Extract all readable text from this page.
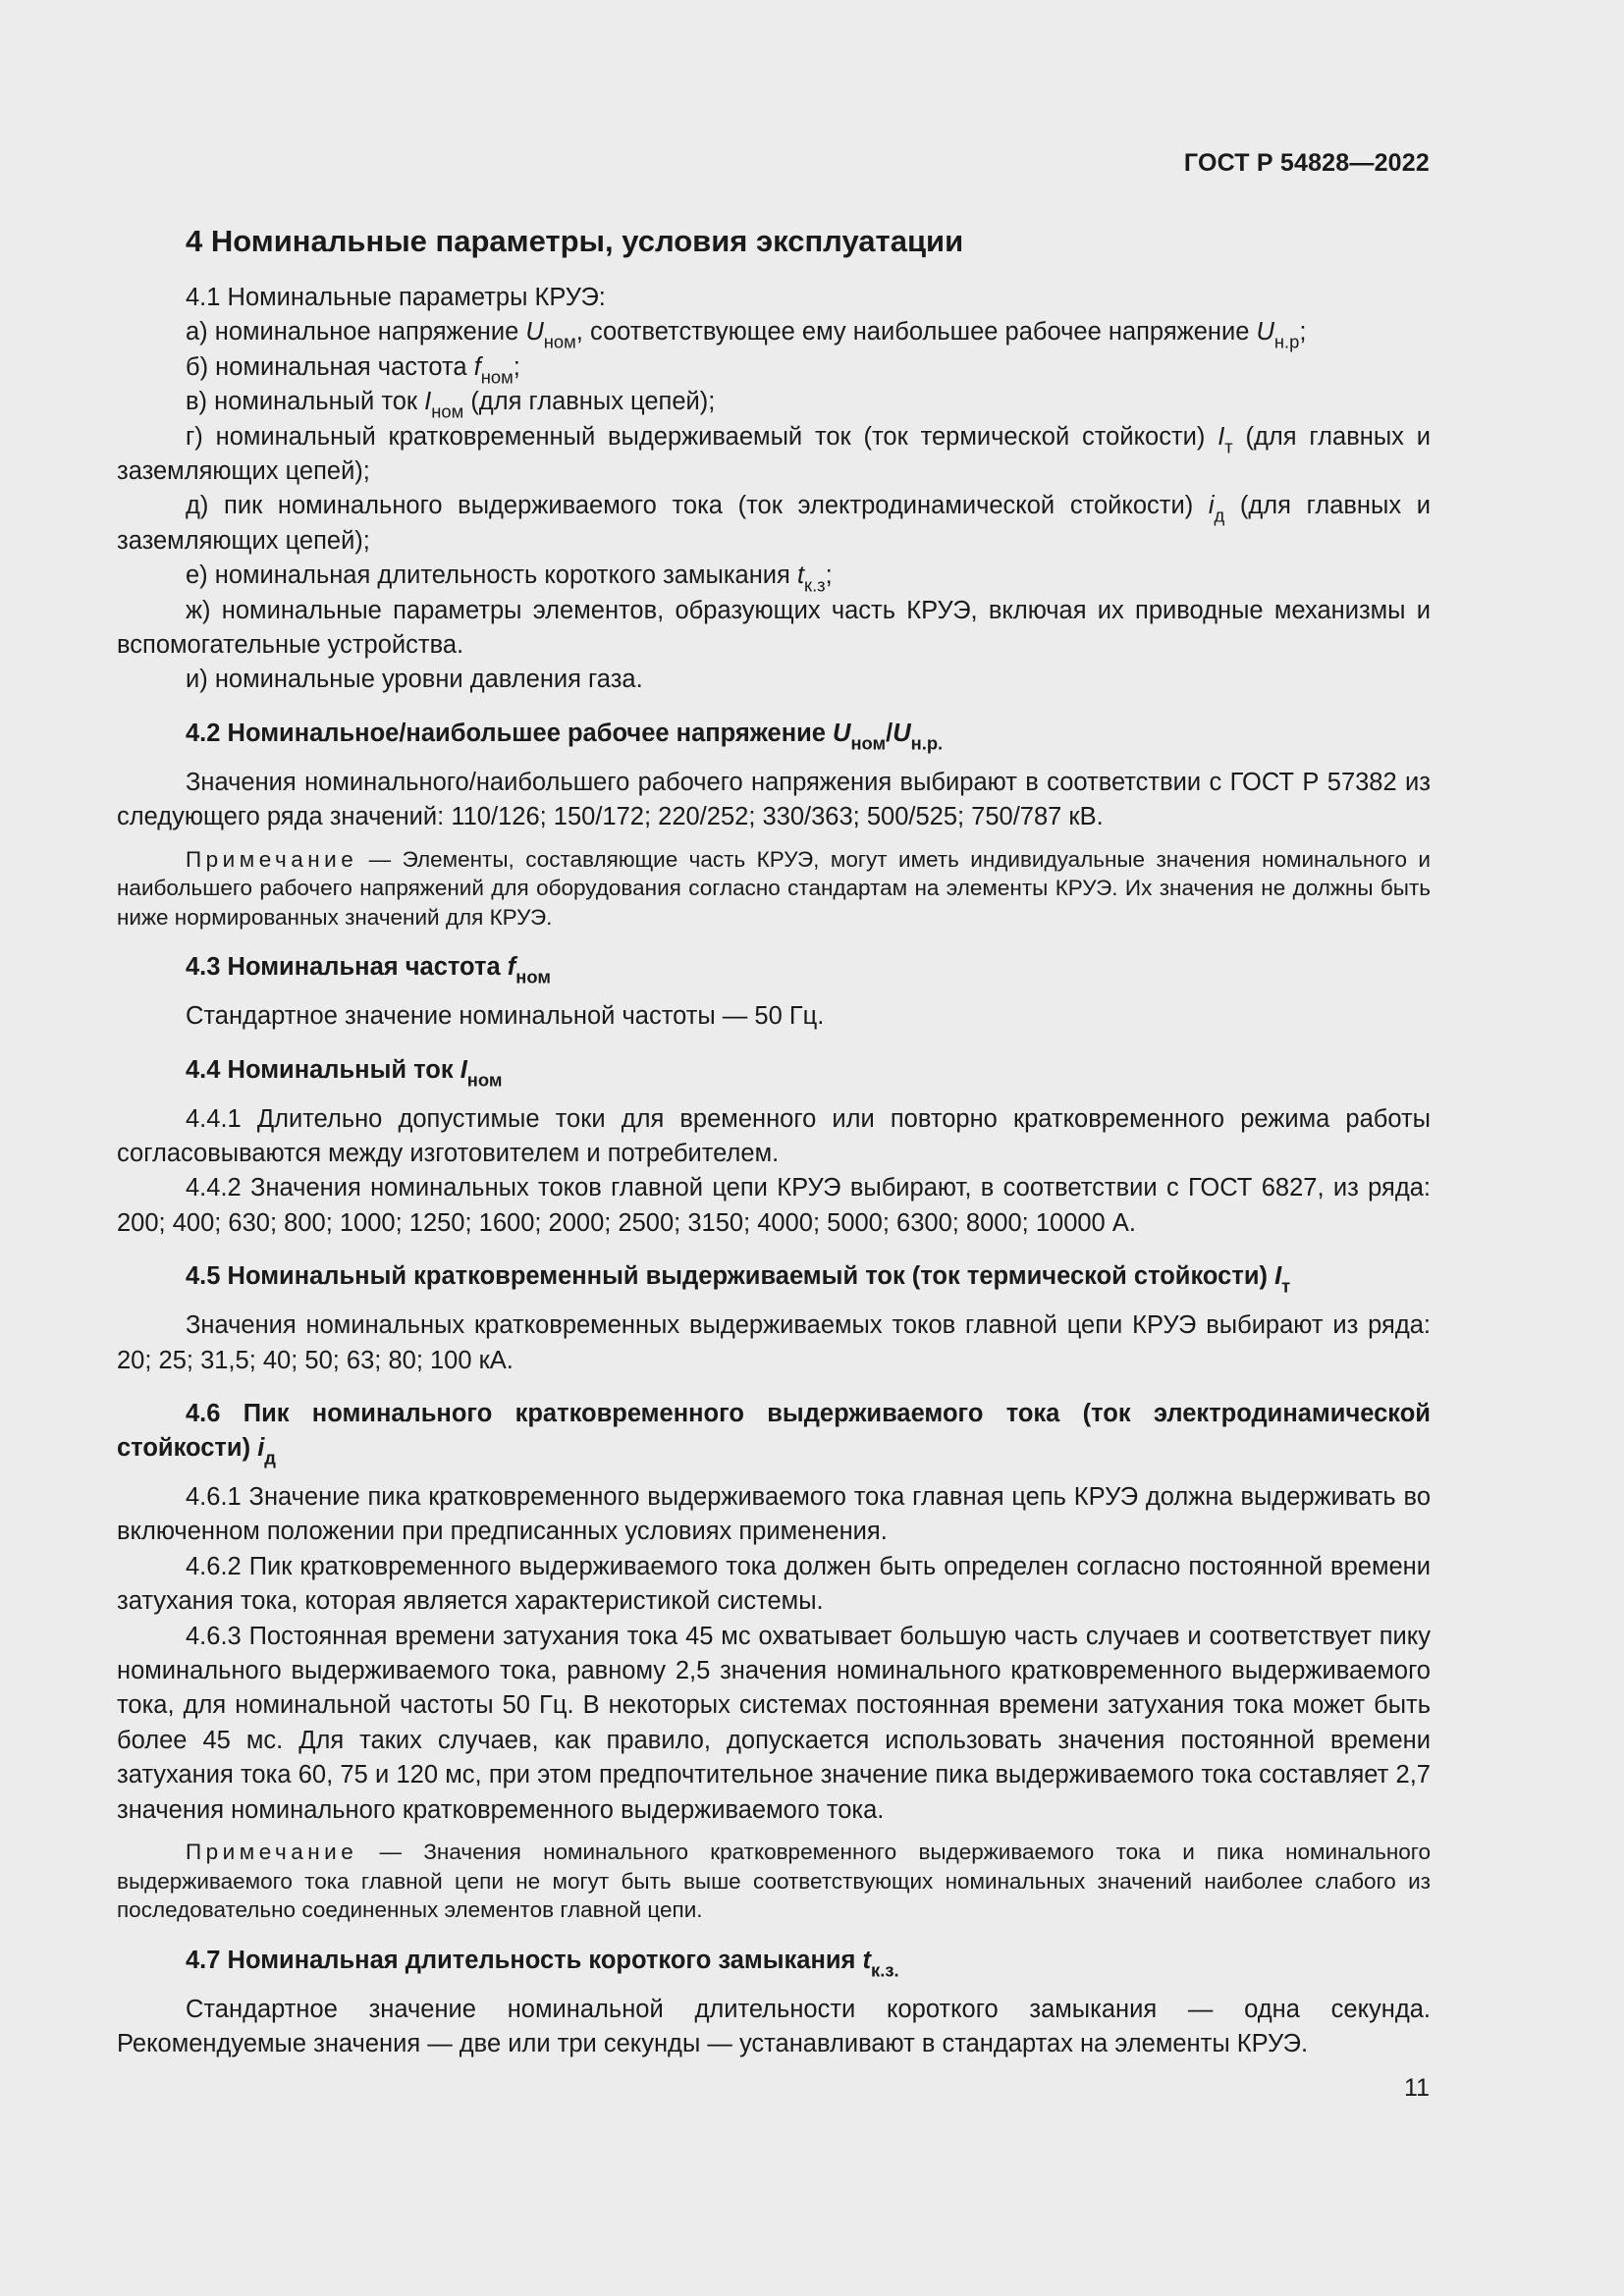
ГОСТ Р 54828—2022
4 Номинальные параметры, условия эксплуатации

4.1 Номинальные параметры КРУЭ:

а) номинальное напряжение $U_{ном}$, соответствующее ему наибольшее рабочее напряжение $U_{н.р}$;

б) номинальная частота $f_{ном}$;

в) номинальный ток $I_{ном}$ (для главных цепей);

г) номинальный кратковременный выдерживаемый ток (ток термической стойкости) $I_т$ (для главных и заземляющих цепей);

д) пик номинального выдерживаемого тока (ток электродинамической стойкости) $i_д$ (для главных и заземляющих цепей);

е) номинальная длительность короткого замыкания $t_{к.з}$;

ж) номинальные параметры элементов, образующих часть КРУЭ, включая их приводные механизмы и вспомогательные устройства.

и) номинальные уровни давления газа.

4.2 Номинальное/наибольшее рабочее напряжение $U_{ном}/U_{н.р.}$

Значения номинального/наибольшего рабочего напряжения выбирают в соответствии с ГОСТ Р 57382 из следующего ряда значений: 110/126; 150/172; 220/252; 330/363; 500/525; 750/787 кВ.

Примечание — Элементы, составляющие часть КРУЭ, могут иметь индивидуальные значения номинального и наибольшего рабочего напряжений для оборудования согласно стандартам на элементы КРУЭ. Их значения не должны быть ниже нормированных значений для КРУЭ.

4.3 Номинальная частота $f_{ном}$

Стандартное значение номинальной частоты — 50 Гц.

4.4 Номинальный ток $I_{ном}$

4.4.1 Длительно допустимые токи для временного или повторно кратковременного режима работы согласовываются между изготовителем и потребителем.

4.4.2 Значения номинальных токов главной цепи КРУЭ выбирают, в соответствии с ГОСТ 6827, из ряда: 200; 400; 630; 800; 1000; 1250; 1600; 2000; 2500; 3150; 4000; 5000; 6300; 8000; 10000 А.

4.5 Номинальный кратковременный выдерживаемый ток (ток термической стойкости) $I_т$

Значения номинальных кратковременных выдерживаемых токов главной цепи КРУЭ выбирают из ряда: 20; 25; 31,5; 40; 50; 63; 80; 100 кА.

4.6 Пик номинального кратковременного выдерживаемого тока (ток электродинамической стойкости) $i_д$

4.6.1 Значение пика кратковременного выдерживаемого тока главная цепь КРУЭ должна выдерживать во включенном положении при предписанных условиях применения.

4.6.2 Пик кратковременного выдерживаемого тока должен быть определен согласно постоянной времени затухания тока, которая является характеристикой системы.

4.6.3 Постоянная времени затухания тока 45 мс охватывает большую часть случаев и соответствует пику номинального выдерживаемого тока, равному 2,5 значения номинального кратковременного выдерживаемого тока, для номинальной частоты 50 Гц. В некоторых системах постоянная времени затухания тока может быть более 45 мс. Для таких случаев, как правило, допускается использовать значения постоянной времени затухания тока 60, 75 и 120 мс, при этом предпочтительное значение пика выдерживаемого тока составляет 2,7 значения номинального кратковременного выдерживаемого тока.

Примечание — Значения номинального кратковременного выдерживаемого тока и пика номинального выдерживаемого тока главной цепи не могут быть выше соответствующих номинальных значений наиболее слабого из последовательно соединенных элементов главной цепи.

4.7 Номинальная длительность короткого замыкания $t_{к.з.}$

Стандартное значение номинальной длительности короткого замыкания — одна секунда. Рекомендуемые значения — две или три секунды — устанавливают в стандартах на элементы КРУЭ.

11
